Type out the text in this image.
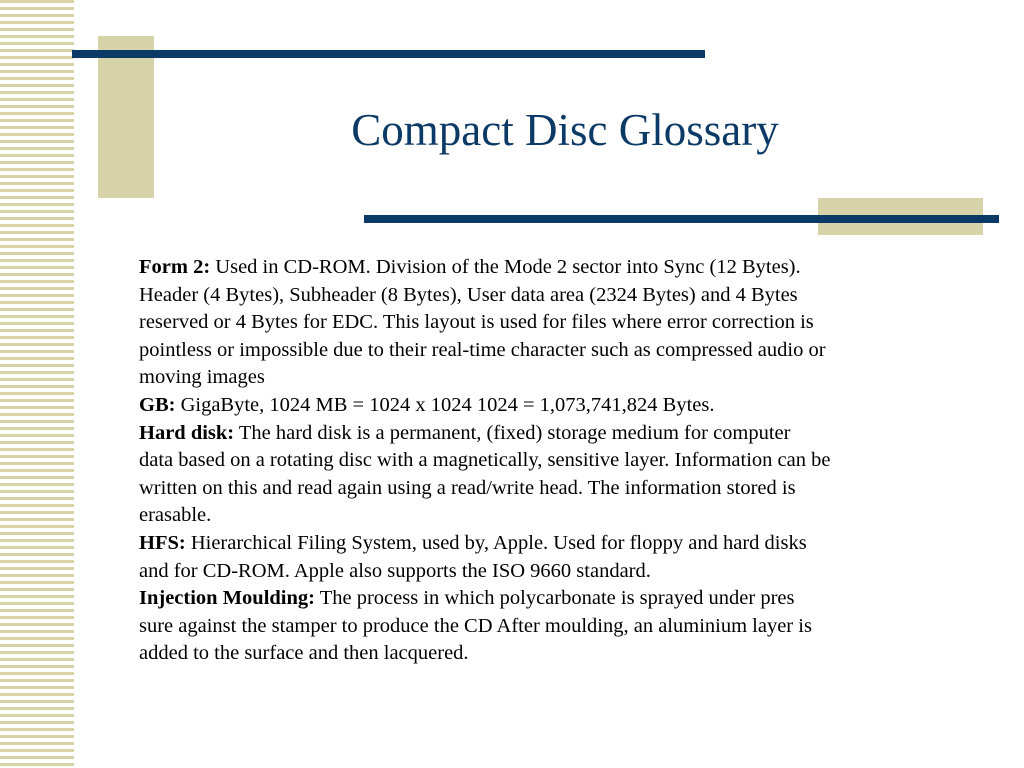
Compact Disc Glossary

Form 2: Used in CD-ROM. Division of the Mode 2 sector into Sync (12 Bytes).
Header (4 Bytes), Subheader (8 Bytes), User data area (2324 Bytes) and 4 Bytes
reserved or 4 Bytes for EDC. This layout is used for files where error correction is
pointless or impossible due to their real-time character such as compressed audio or
moving images

GB: GigaByte, 1024 MB = 1024 x 1024 1024 = 1,073,741,824 Bytes.

Hard disk: The hard disk is a permanent, (fixed) storage medium for computer
data based on a rotating disc with a magnetically, sensitive layer. Information can be
written on this and read again using a read/write head. The information stored is
erasable.

HFS: Hierarchical Filing System, used by, Apple. Used for floppy and hard disks
and for CD-ROM. Apple also supports the ISO 9660 standard.

Injection Moulding: The process in which polycarbonate is sprayed under pres
sure against the stamper to produce the CD After moulding, an aluminium layer is
added to the surface and then lacquered.
